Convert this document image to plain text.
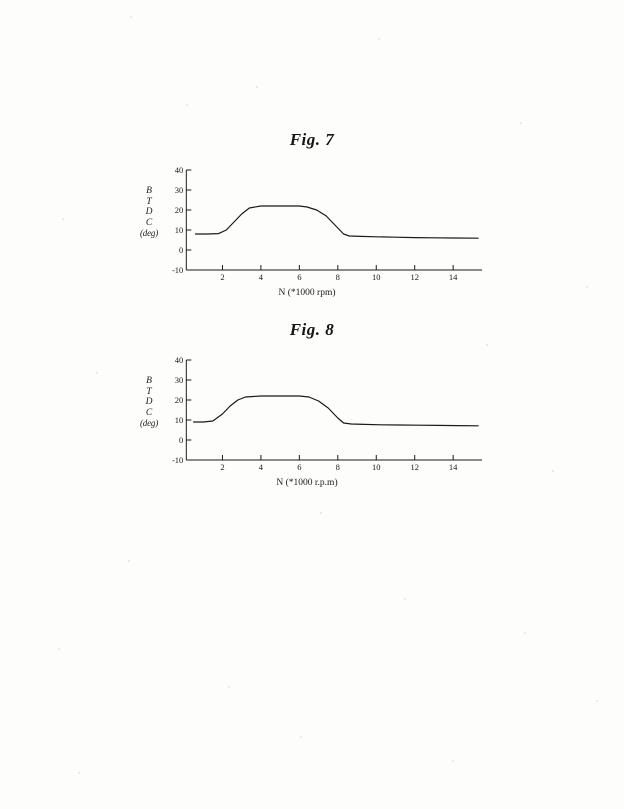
Fig. 7
B
T
D
C
(deg)
-10
0
10
20
30
40
2	4	6	8	10	12	14
N (*1000 rpm)
Fig. 8
B
T
D
C
(deg)
-10
0
10
20
30
40
2	4	6	8	10	12	14
N (*1000 r.p.m)
